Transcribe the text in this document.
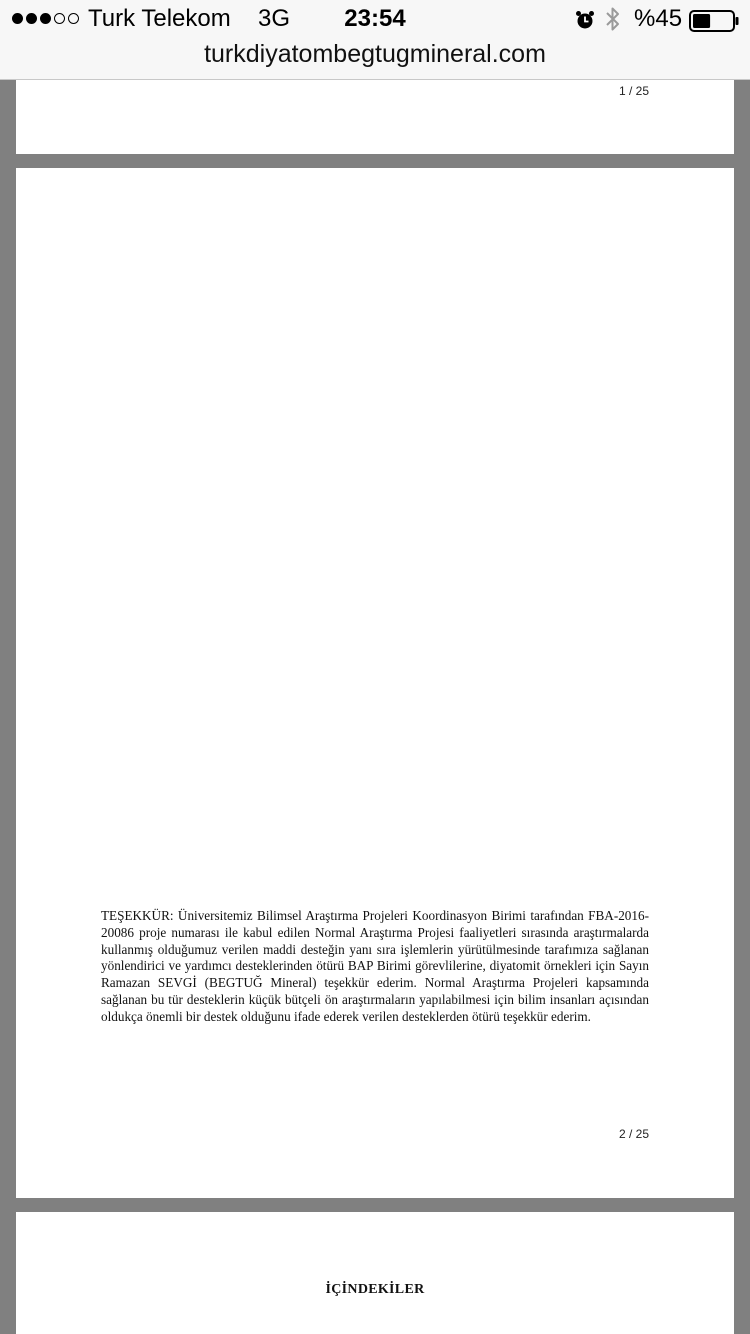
Turk Telekom 3G	23:54	%45
turkdiyatombegtugmineral.com
1 / 25

TEŞEKKÜR: Üniversitemiz Bilimsel Araştırma Projeleri Koordinasyon Birimi tarafından FBA-2016-20086 proje numarası ile kabul edilen Normal Araştırma Projesi faaliyetleri sırasında araştırmalarda kullanmış olduğumuz verilen maddi desteğin yanı sıra işlemlerin yürütülmesinde tarafımıza sağlanan yönlendirici ve yardımcı desteklerinden ötürü BAP Birimi görevlilerine, diyatomit örnekleri için Sayın Ramazan SEVGİ (BEGTUĞ Mineral) teşekkür ederim. Normal Araştırma Projeleri kapsamında sağlanan bu tür desteklerin küçük bütçeli ön araştırmaların yapılabilmesi için bilim insanları açısından oldukça önemli bir destek olduğunu ifade ederek verilen desteklerden ötürü teşekkür ederim.

2 / 25
İÇİNDEKİLER
